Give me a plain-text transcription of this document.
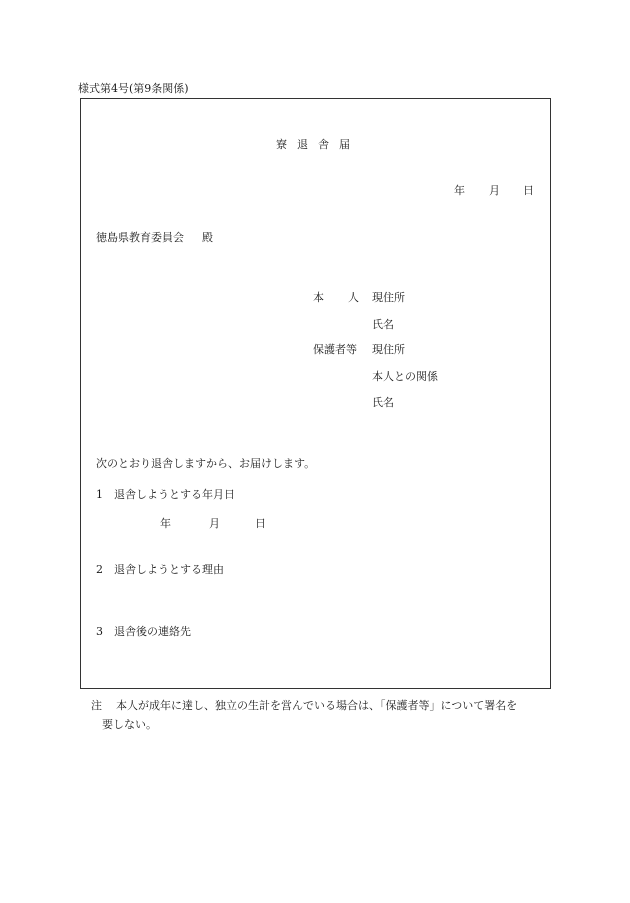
様式第4号(第9条関係)
寮退舎届
年 月 日
徳島県教育委員会 殿
本 人 現住所
氏名
保護者等 現住所
本人との関係
氏名
次のとおり退舎しますから、お届けします。
1 退舎しようとする年月日
年	月	日
2 退舎しようとする理由
3 退舎後の連絡先
注 本人が成年に達し、独立の生計を営んでいる場合は、「保護者等」について署名を
要しない。
